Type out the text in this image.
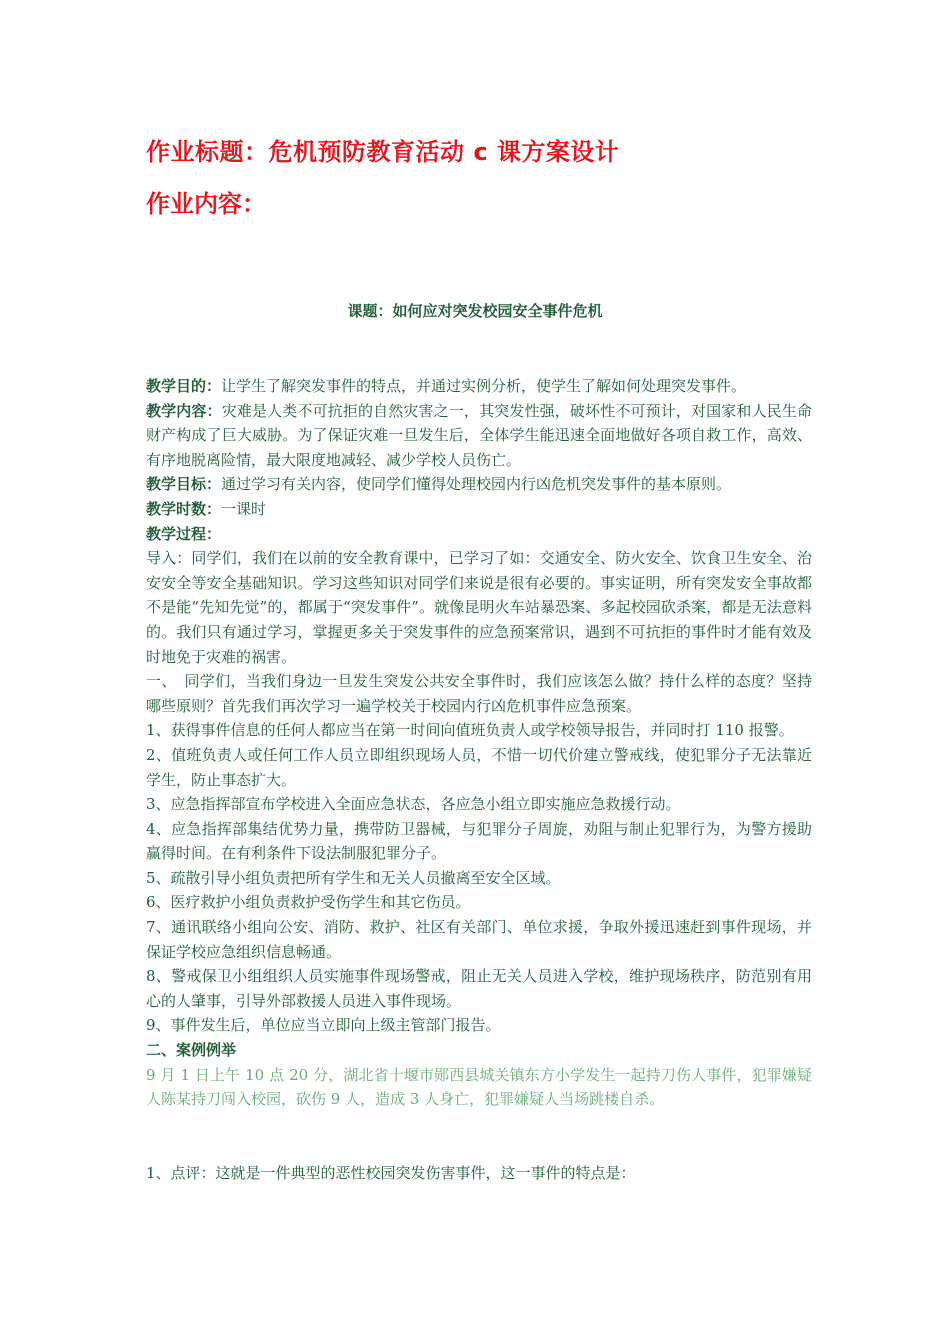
作业标题：危机预防教育活动 c 课方案设计
作业内容：
课题：如何应对突发校园安全事件危机

教学目的：让学生了解突发事件的特点，并通过实例分析，使学生了解如何处理突发事件。

教学内容：灾难是人类不可抗拒的自然灾害之一，其突发性强，破坏性不可预计，对国家和人民生命财产构成了巨大威胁。为了保证灾难一旦发生后，全体学生能迅速全面地做好各项自救工作，高效、有序地脱离险情，最大限度地减轻、减少学校人员伤亡。

教学目标：通过学习有关内容，使同学们懂得处理校园内行凶危机突发事件的基本原则。

教学时数：一课时

教学过程：

导入：同学们，我们在以前的安全教育课中，已学习了如：交通安全、防火安全、饮食卫生安全、治安安全等安全基础知识。学习这些知识对同学们来说是很有必要的。事实证明，所有突发安全事故都不是能“先知先觉”的，都属于“突发事件”。就像昆明火车站暴恐案、多起校园砍杀案，都是无法意料的。我们只有通过学习，掌握更多关于突发事件的应急预案常识，遇到不可抗拒的事件时才能有效及时地免于灾难的祸害。

一、　同学们，当我们身边一旦发生突发公共安全事件时，我们应该怎么做？持什么样的态度？坚持哪些原则？首先我们再次学习一遍学校关于校园内行凶危机事件应急预案。

1、获得事件信息的任何人都应当在第一时间向值班负责人或学校领导报告，并同时打 110 报警。

2、值班负责人或任何工作人员立即组织现场人员，不惜一切代价建立警戒线，使犯罪分子无法靠近学生，防止事态扩大。

3、应急指挥部宣布学校进入全面应急状态，各应急小组立即实施应急救援行动。

4、应急指挥部集结优势力量，携带防卫器械，与犯罪分子周旋，劝阻与制止犯罪行为，为警方援助赢得时间。在有利条件下设法制服犯罪分子。

5、疏散引导小组负责把所有学生和无关人员撤离至安全区域。

6、医疗救护小组负责救护受伤学生和其它伤员。

7、通讯联络小组向公安、消防、救护、社区有关部门、单位求援，争取外援迅速赶到事件现场，并保证学校应急组织信息畅通。

8、警戒保卫小组组织人员实施事件现场警戒，阻止无关人员进入学校，维护现场秩序，防范别有用心的人肇事，引导外部救援人员进入事件现场。

9、事件发生后，单位应当立即向上级主管部门报告。

二、案例例举

9 月 1 日上午 10 点 20 分，湖北省十堰市郧西县城关镇东方小学发生一起持刀伤人事件，犯罪嫌疑人陈某持刀闯入校园，砍伤 9 人，造成 3 人身亡，犯罪嫌疑人当场跳楼自杀。

1、点评：这就是一件典型的恶性校园突发伤害事件，这一事件的特点是：
